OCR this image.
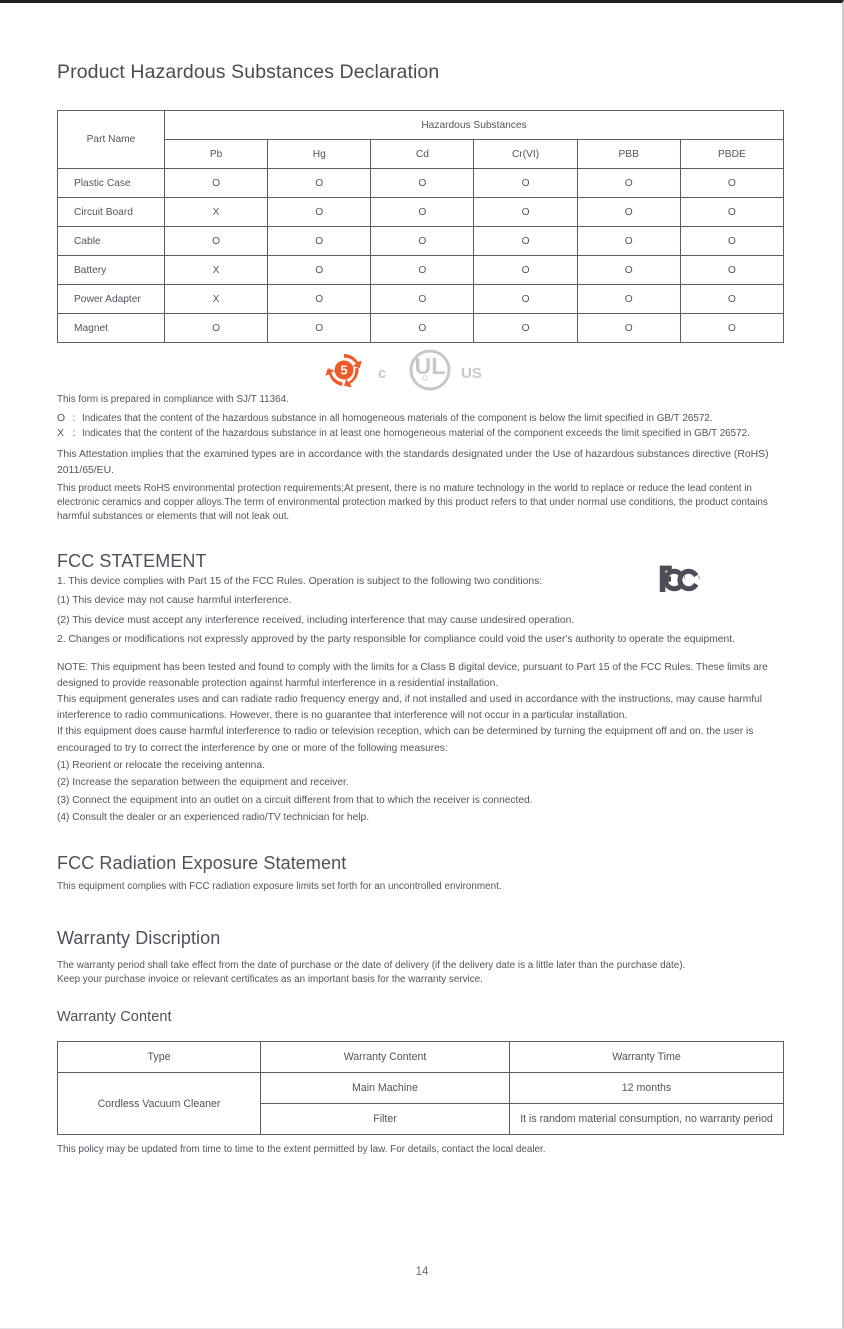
Product Hazardous Substances Declaration
Part Name	Hazardous Substances					
	Pb	Hg	Cd	Cr(VI)	PBB	PBDE
Plastic Case	O	O	O	O	O	O
Circuit Board	X	O	O	O	O	O
Cable	O	O	O	O	O	O
Battery	X	O	O	O	O	O
Power Adapter	X	O	O	O	O	O
Magnet	O	O	O	O	O	O
5 c UL US

This form is prepared in compliance with SJ/T 11364.

O : Indicates that the content of the hazardous substance in all homogeneous materials of the component is below the limit specified in GB/T 26572.
X : Indicates that the content of the hazardous substance in at least one homogeneous material of the component exceeds the limit specified in GB/T 26572.

This Attestation implies that the examined types are in accordance with the standards designated under the Use of hazardous substances directive (RoHS) 2011/65/EU.

This product meets RoHS environmental protection requirements;At present, there is no mature technology in the world to replace or reduce the lead content in electronic ceramics and copper alloys.The term of environmental protection marked by this product refers to that under normal use conditions, the product contains harmful substances or elements that will not leak out.

FCC STATEMENT

1. This device complies with Part 15 of the FCC Rules. Operation is subject to the following two conditions:

(1) This device may not cause harmful interference.

(2) This device must accept any interference received, including interference that may cause undesired operation.

2. Changes or modifications not expressly approved by the party responsible for compliance could void the user's authority to operate the equipment.

NOTE: This equipment has been tested and found to comply with the limits for a Class B digital device, pursuant to Part 15 of the FCC Rules. These limits are designed to provide reasonable protection against harmful interference in a residential installation.

This equipment generates uses and can radiate radio frequency energy and, if not installed and used in accordance with the instructions, may cause harmful interference to radio communications. However, there is no guarantee that interference will not occur in a particular installation.

If this equipment does cause harmful interference to radio or television reception, which can be determined by turning the equipment off and on. the user is encouraged to try to correct the interference by one or more of the following measures:

(1) Reorient or relocate the receiving antenna.

(2) Increase the separation between the equipment and receiver.

(3) Connect the equipment into an outlet on a circuit different from that to which the receiver is connected.

(4) Consult the dealer or an experienced radio/TV technician for help.

FCC Radiation Exposure Statement

This equipment complies with FCC radiation exposure limits set forth for an uncontrolled environment.

Warranty Discription

The warranty period shall take effect from the date of purchase or the date of delivery (if the delivery date is a little later than the purchase date).

Keep your purchase invoice or relevant certificates as an important basis for the warranty service.

Warranty Content
Type	Warranty Content	Warranty Time
Cordless Vacuum Cleaner	Main Machine	12 months
	Filter	It is random material consumption, no warranty period

This policy may be updated from time to time to the extent permitted by law. For details, contact the local dealer.

14
